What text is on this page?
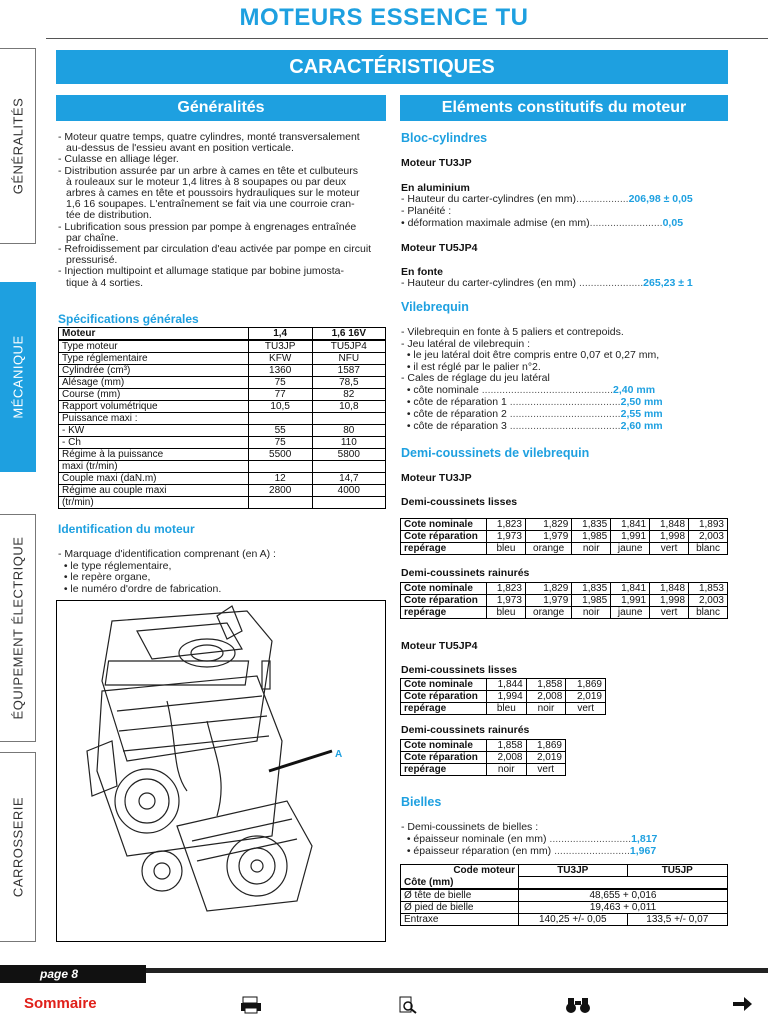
MOTEURS ESSENCE TU
CARACTÉRISTIQUES
GÉNÉRALITÉS
MÉCANIQUE
ÉQUIPEMENT ÉLECTRIQUE
CARROSSERIE
Généralités
- Moteur quatre temps, quatre cylindres, monté transversalement
au-dessus de l'essieu avant en position verticale.
- Culasse en alliage léger.
- Distribution assurée par un arbre à cames en tête et culbuteurs
à rouleaux sur le moteur 1,4 litres à 8 soupapes ou par deux
arbres à cames en tête et poussoirs hydrauliques sur le moteur
1,6 16 soupapes. L'entraînement se fait via une courroie cran-
tée de distribution.
- Lubrification sous pression par pompe à engrenages entraînée
par chaîne.
- Refroidissement par circulation d'eau activée par pompe en circuit
pressurisé.
- Injection multipoint et allumage statique par bobine jumosta-
tique à 4 sorties.
Spécifications générales
Moteur	1,4	1,6 16V
Type moteur	TU3JP	TU5JP4
Type réglementaire	KFW	NFU
Cylindrée (cm³)	1360	1587
Alésage (mm)	75	78,5
Course (mm)	77	82
Rapport volumétrique	10,5	10,8
Puissance maxi :		
- KW	55	80
- Ch	75	110
Régime à la puissance	5500	5800
maxi (tr/min)		
Couple maxi (daN.m)	12	14,7
Régime au couple maxi	2800	4000
(tr/min)		
Identification du moteur
- Marquage d'identification comprenant (en A) :
• le type réglementaire,
• le repère organe,
• le numéro d'ordre de fabrication.
A
Eléments constitutifs du moteur
Bloc-cylindres
Moteur TU3JP
En aluminium
- Hauteur du carter-cylindres (en mm)..................206,98 ± 0,05
- Planéité :
• déformation maximale admise (en mm).........................0,05
Moteur TU5JP4
En fonte
- Hauteur du carter-cylindres (en mm) ......................265,23 ± 1
Vilebrequin
- Vilebrequin en fonte à 5 paliers et contrepoids.
- Jeu latéral de vilebrequin :
• le jeu latéral doit être compris entre 0,07 et 0,27 mm,
• il est réglé par le palier n°2.
- Cales de réglage du jeu latéral
• côte nominale .............................................2,40 mm
• côte de réparation 1 ......................................2,50 mm
• côte de réparation 2 ......................................2,55 mm
• côte de réparation 3 ......................................2,60 mm
Demi-coussinets de vilebrequin
Moteur TU3JP
Demi-coussinets lisses
Cote nominale	1,823	1,829	1,835	1,841	1,848	1,893
Cote réparation	1,973	1,979	1,985	1,991	1,998	2,003
repérage	bleu	orange	noir	jaune	vert	blanc
Demi-coussinets rainurés
Cote nominale	1,823	1,829	1,835	1,841	1,848	1,853
Cote réparation	1,973	1,979	1,985	1,991	1,998	2,003
repérage	bleu	orange	noir	jaune	vert	blanc
Moteur TU5JP4
Demi-coussinets lisses
Cote nominale	1,844	1,858	1,869
Cote réparation	1,994	2,008	2,019
repérage	bleu	noir	vert
Demi-coussinets rainurés
Cote nominale	1,858	1,869
Cote réparation	2,008	2,019
repérage	noir	vert
Bielles
- Demi-coussinets de bielles :
• épaisseur nominale (en mm) ............................1,817
• épaisseur réparation (en mm) ..........................1,967
Code moteur	TU3JP	TU5JP
Côte (mm)		
Ø tête de bielle	48,655 + 0,016	
Ø pied de bielle	19,463 + 0,011	
Entraxe	140,25 +/- 0,05	133,5 +/- 0,07
page 8
Sommaire
